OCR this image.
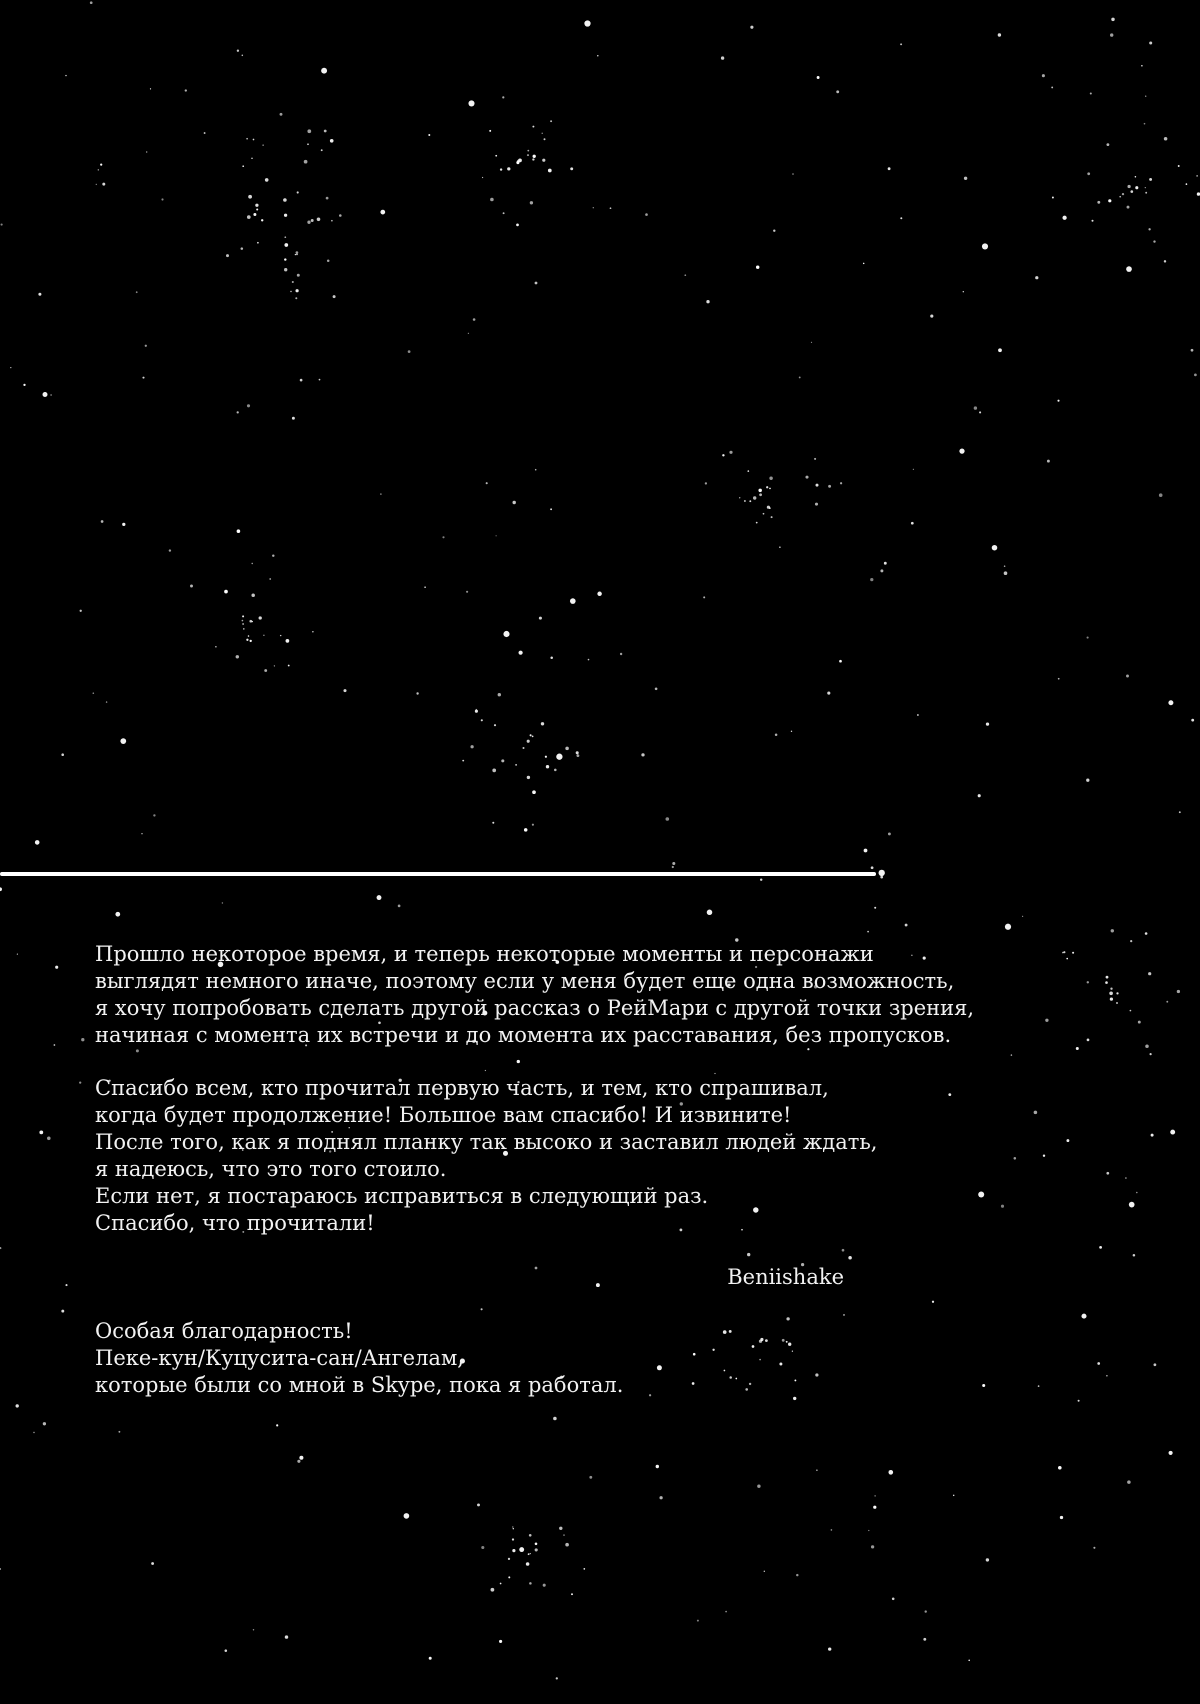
Прошло некоторое время, и теперь некоторые моменты и персонажи
выглядят немного иначе, поэтому если у меня будет еще одна возможность,
я хочу попробовать сделать другой рассказ о РейМари с другой точки зрения,
начиная с момента их встречи и до момента их расставания, без пропусков.
Спасибо всем, кто прочитал первую часть, и тем, кто спрашивал,
когда будет продолжение! Большое вам спасибо! И извините!
После того, как я поднял планку так высоко и заставил людей ждать,
я надеюсь, что это того стоило.
Если нет, я постараюсь исправиться в следующий раз.
Спасибо, что прочитали!
Beniishake
Особая благодарность!
Пеке-кун/Куцусита-сан/Ангелам,
которые были со мной в Skype, пока я работал.
